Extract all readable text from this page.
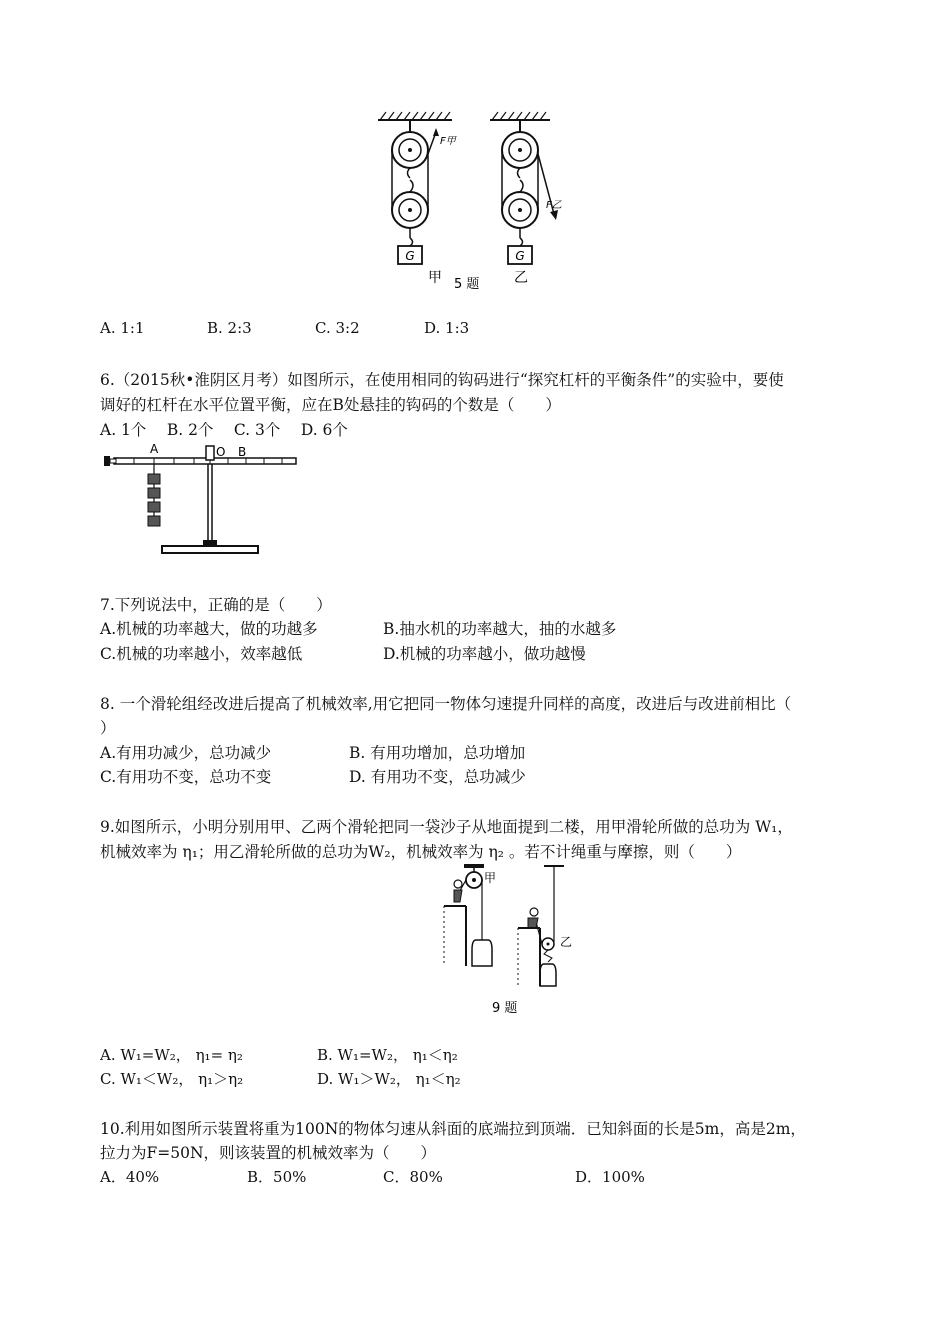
G
F甲
G
F乙
甲 5 题 乙
A. 1:1	B. 2:3	C. 3:2	D. 1:3
6.（2015秋•淮阴区月考）如图所示，在使用相同的钩码进行“探究杠杆的平衡条件”的实验中，要使
调好的杠杆在水平位置平衡，应在B处悬挂的钩码的个数是（　　）
A. 1个　 B. 2个　 C. 3个　 D. 6个
A	O B
7.下列说法中，正确的是（　　）
A.机械的功率越大，做的功越多	B.抽水机的功率越大，抽的水越多
C.机械的功率越小，效率越低	D.机械的功率越小，做功越慢
8. 一个滑轮组经改进后提高了机械效率,用它把同一物体匀速提升同样的高度，改进后与改进前相比（
）
A.有用功减少，总功减少	B. 有用功增加，总功增加
C.有用功不变，总功不变	D. 有用功不变，总功减少
9.如图所示，小明分别用甲、乙两个滑轮把同一袋沙子从地面提到二楼，用甲滑轮所做的总功为 W₁，
机械效率为 η₁；用乙滑轮所做的总功为W₂，机械效率为 η₂ 。若不计绳重与摩擦，则（　　）
甲
乙
9 题
A. W₁=W₂， η₁= η₂	B. W₁=W₂， η₁＜η₂
C. W₁＜W₂， η₁＞η₂	D. W₁＞W₂， η₁＜η₂
10.利用如图所示装置将重为100N的物体匀速从斜面的底端拉到顶端．已知斜面的长是5m，高是2m，
拉力为F=50N，则该装置的机械效率为（　　）
A．40%	B．50%	C．80%	D．100%
